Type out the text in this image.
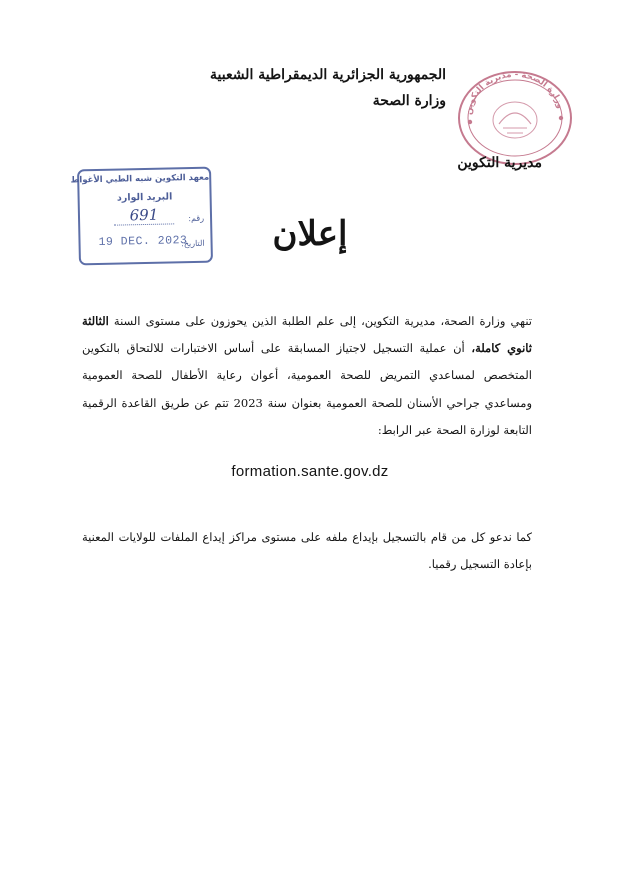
الجمهورية الجزائرية الديمقراطية الشعبية
وزارة الصحة
وزارة الصحة - مديرية التكوين
مديرية التكوين
معهد التكوين شبه الطبي الأغواط
البريد الوارد
رقم:
691
التاريخ:
19 DEC. 2023	إعلان
تنهي وزارة الصحة، مديرية التكوين، إلى علم الطلبة الذين يحوزون على مستوى السنة الثالثة ثانوي كاملة، أن عملية التسجيل لاجتياز المسابقة على أساس الاختبارات للالتحاق بالتكوين المتخصص لمساعدي التمريض للصحة العمومية، أعوان رعاية الأطفال للصحة العمومية ومساعدي جراحي الأسنان للصحة العمومية بعنوان سنة 2023 تتم عن طريق القاعدة الرقمية التابعة لوزارة الصحة عبر الرابط:
formation.sante.gov.dz
كما ندعو كل من قام بالتسجيل بإيداع ملفه على مستوى مراكز إيداع الملفات للولايات المعنية بإعادة التسجيل رقميا.
